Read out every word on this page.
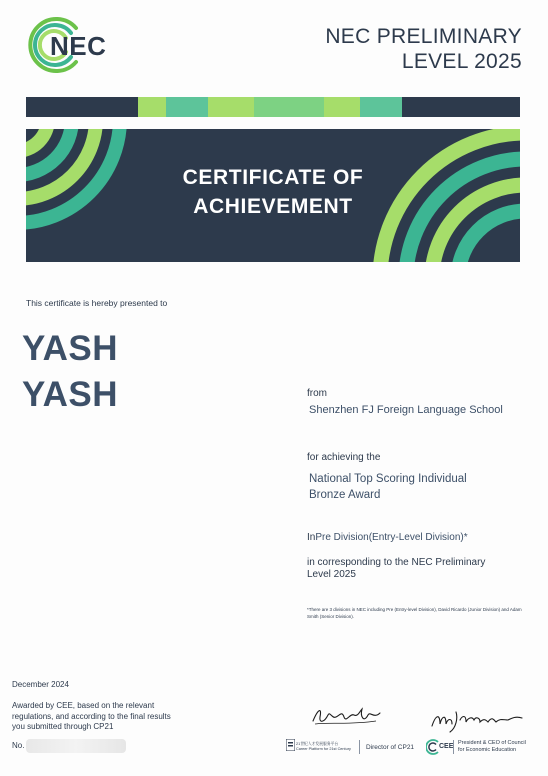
NEC	NEC PRELIMINARY
LEVEL 2025
CERTIFICATE OF
ACHIEVEMENT
This certificate is hereby presented to
YASH
YASH	from
Shenzhen FJ Foreign Language School
for achieving the
National Top Scoring Individual
Bronze Award
InPre Division(Entry-Level Division)*
in corresponding to the NEC Preliminary
Level 2025
*There are 3 divisions in NEC including Pre (Entry-level Division), David Ricardo (Junior Division) and Adam Smith (Senior Division).
December 2024
Awarded by CEE, based on the relevant
regulations, and according to the final results
you submitted through CP21
No.	21世纪人才发展服务平台
Career Platform for 21st Century Director of CP21	CEE President & CEO of Council
for Economic Education
